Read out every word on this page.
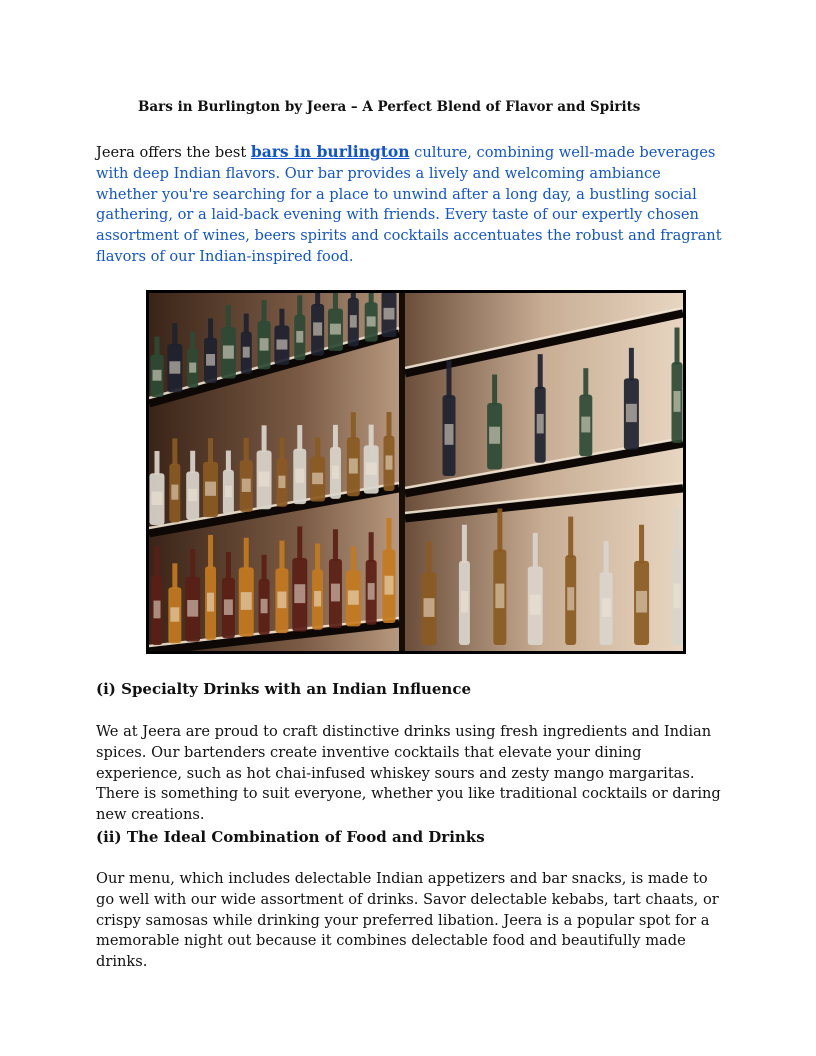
Bars in Burlington by Jeera – A Perfect Blend of Flavor and Spirits

Jeera offers the best bars in burlington culture, combining well-made beverages with deep Indian flavors. Our bar provides a lively and welcoming ambiance whether you're searching for a place to unwind after a long day, a bustling social gathering, or a laid-back evening with friends. Every taste of our expertly chosen assortment of wines, beers spirits and cocktails accentuates the robust and fragrant flavors of our Indian-inspired food.

(i) Specialty Drinks with an Indian Influence

We at Jeera are proud to craft distinctive drinks using fresh ingredients and Indian spices. Our bartenders create inventive cocktails that elevate your dining experience, such as hot chai-infused whiskey sours and zesty mango margaritas. There is something to suit everyone, whether you like traditional cocktails or daring new creations.

(ii) The Ideal Combination of Food and Drinks

Our menu, which includes delectable Indian appetizers and bar snacks, is made to go well with our wide assortment of drinks. Savor delectable kebabs, tart chaats, or crispy samosas while drinking your preferred libation. Jeera is a popular spot for a memorable night out because it combines delectable food and beautifully made drinks.
